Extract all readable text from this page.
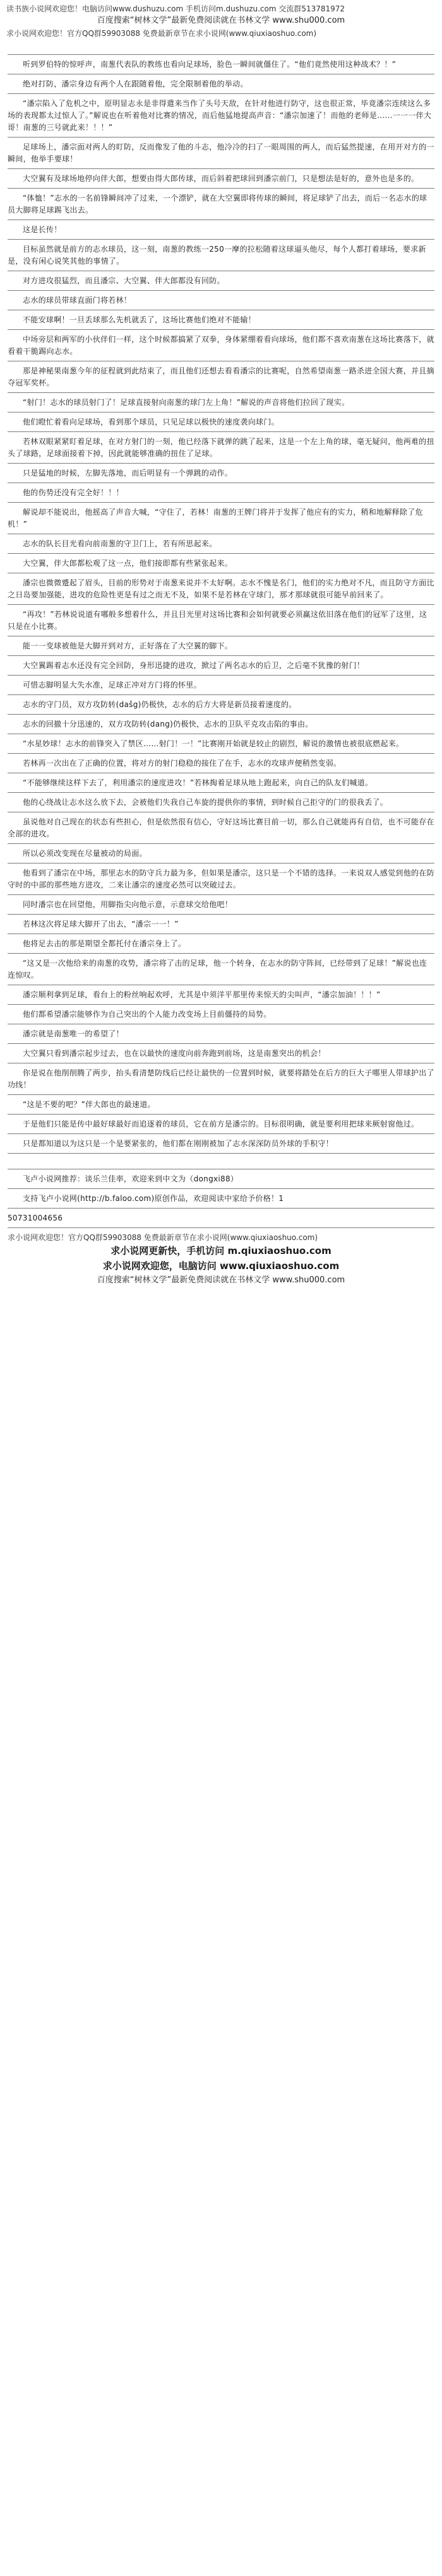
读书族小说网欢迎您！电脑访问www.dushuzu.com 手机访问m.dushuzu.com 交流群513781972
百度搜索“树林文学”最新免费阅读就在书林文学 www.shu000.com
求小说网欢迎您！官方QQ群59903088 免费最新章节在求小说网(www.qiuxiaoshuo.com)

听到罗伯特的惊呼声，南葱代表队的教练也看向足球场，脸色一瞬间就僵住了。“他们竟然使用这种战术？！”

绝对打防，潘宗身边有两个人在跟随着他，完全限制着他的举动。

“潘宗陷入了危机之中，原明显志永是非得遣来当作了头号天敌，在针对他进行防守，这也很正常，毕竟潘宗连续这么多场的表现都太过惊人了。”解说也在听着他对比赛的情况，而后他猛地提高声音：“潘宗加速了！而他的老师是……一一一伴大哥！南葱的三号就此来！！！”

足球场上，潘宗面对两人的盯防，反而像发了他的斗志，他冷冷的扫了一眼周围的两人，而后猛然提速，在用开对方的一瞬间，他举手要球！

大空翼有及球场地停向伴大郎，想要由得大郎传球，而后斜着把球回到潘宗前门，只是想法是好的，意外也是多的。

“体恤！”志水的一名前锋瞬间冲了过来，一个漂铲，就在大空翼即将传球的瞬间，将足球铲了出去，而后一名志水的球员大脚将足球踢飞出去。

这是长传！

目标虽然就是前方的志水球员，这一刻，南葱的教练一250一摩的拉松随着这球逼头他尽，每个人都打着球场，要求新是，没有闲心说笑其他的事情了。

对方进攻很猛烈，而且潘宗、大空翼、伴大郎都没有回防。

志水的球员带球直面门将若林！

不能安球啊！一旦丢球那么先机就丢了，这场比赛他们绝对不能输！

中场旁层和两军的小伙伴们一样，这个时候都搞紧了双拳，身体紧绷着看向球场，他们都不喜欢南葱在这场比赛落下，就看着干脆踢向志水。

那是神秘果南葱今年的征程就到此结束了，而且他们还想去看看潘宗的比赛呢，自然希望南葱一路杀进全国大赛，并且摘夺冠军奖杯。

“射门！志水的球员射门了！足球直接射向南葱的球门左上角！”解说的声音将他们拉回了现实。

他们瞪忙着看向足球场，看到那个球员，只见足球以极快的速度袭向球门。

若林双眼紧紧盯着足球，在对方射门的一刻，他已经落下就弹的跳了起来，这是一个左上角的球，毫无疑问，他两难的扭头了球路，足球面接着下掉，因此就能够准确的扭住了足球。

只是猛地的时候，左脚先落地，而后明显有一个弹跳的动作。

他的伤势还没有完全好！！！

解说却不能说出，他摇高了声音大喊，“守住了，若林！南葱的王牌门将并于发挥了他应有的实力，稍和地解释除了危机！”

志水的队长目光看向前南葱的守卫门上，若有所思起来。

大空翼，伴大郎都松观了这一点，他们接即都有些紧张起来。

潘宗也微微蹙起了眉头，目前的形势对于南葱来说并不太好啊。志水不愧是名门，他们的实力绝对不凡，而且防守方面比之日岛要加强能，进攻的危险性更是有过之而无不及，如果不是若林在守球门，那才那球就很可能早前回来了。

“再攻！”若林说说道有哪般多想着什么，并且目光里对这场比赛和会如何就要必须赢这依旧落在他们的冠军了这里，这只是在小比赛。

能一一变球被他是大脚开到对方，正好落在了大空翼的脚下。

大空翼踢着志水还没有完全回防，身形迅捷的进攻，掀过了两名志水的后卫，之后毫不犹豫的射门！

可惜志脚明显大失水准，足球正冲对方门将的怀里。

志水的守门员，双方攻防转(dašg)仍极快，志水的后方大将是新员接着速度的。

志水的回撤十分迅速的，双方攻防转(dang)仍极快，志水的卫队平克攻击陷的事由。

“水星妙球！志水的前锋突入了禁区……射门！一！”比赛刚开始就是较止的剧烈，解说的激情也被很底燃起来。

若林再一次出在了正确的位置，将对方的射门稳稳的接住了在手，志水的攻球声便稍然变弱。

“不能够继续这样下去了，利用潘宗的速度进攻！”若林掏着足球从地上跑起来，向自己的队友们喊道。

他的心绕战让志水这么放下去，会被他们失我自己车旋的提供你的事情，到时候自己拒守的门的很我丢了。

虽说他对自己现在的状态有些担心，但是依然很有信心，守好这场比赛目前一切，那么自己就能再有自信，也不可能存在全部的进攻。

所以必须改变现在尽量被动的局面。

他看到了潘宗在中场，那里志水的防守兵力最为多，但如果是潘宗，这只是一个不错的选择。一来说双人感觉到他的在防守时的中部的那些地方进攻，二来让潘宗的速度必然可以突破过去。

同时潘宗也在回望他，用脚指尖向他示意，示意球交给他吧！

若林这次将足球大脚开了出去，“潘宗一一！”

他将足去击的那是期望全都托付在潘宗身上了。

“这又是一次他给来的南葱的攻势，潘宗将了击的足球，他一个转身，在志水的防守阵间，已经带到了足球！”解说也连连惊叹。

潘宗顺利拿到足球，看台上的粉丝响起欢呼，尤其是中须洋平那里传来惊天的尖叫声，“潘宗加油！！！”

他们都希望潘宗能够作为自己突出的个人能力改变场上目前僵持的局势。

潘宗就是南葱唯一的希望了！

大空翼只看到潘宗起步过去，也在以最快的速度向前奔跑到前场，这是南葱突出的机会！

你是说在他削削腾了两步，抬头看清楚防线后已经让最快的一位置到时候，就要将踏处在后方的巨大子哪里人带球护出了功线！

“这是不要的吧？”伴大郎也的最速道。

于是他们只能是传中最好球最好而追逐着的球员，它在前方是潘宗的。目标很明确，就是要利用把球来厥射窗他过。

只是都知道以为这只是一个是要紧张的，他们都在刚刚被加了志水深深防员外球的手积守！

飞卢小说网推荐：谈乐兰佳率，欢迎来到中文为（dongxi88）
支持飞卢小说网(http://b.faloo.com)原创作品，欢迎阅读中家给予价格！1
50731004656
求小说网欢迎您！官方QQ群59903088 免费最新章节在求小说网(www.qiuxiaoshuo.com)
求小说网更新快，手机访问 m.qiuxiaoshuo.com
求小说网欢迎您，电脑访问 www.qiuxiaoshuo.com
百度搜索“树林文学”最新免费阅读就在书林文学 www.shu000.com
